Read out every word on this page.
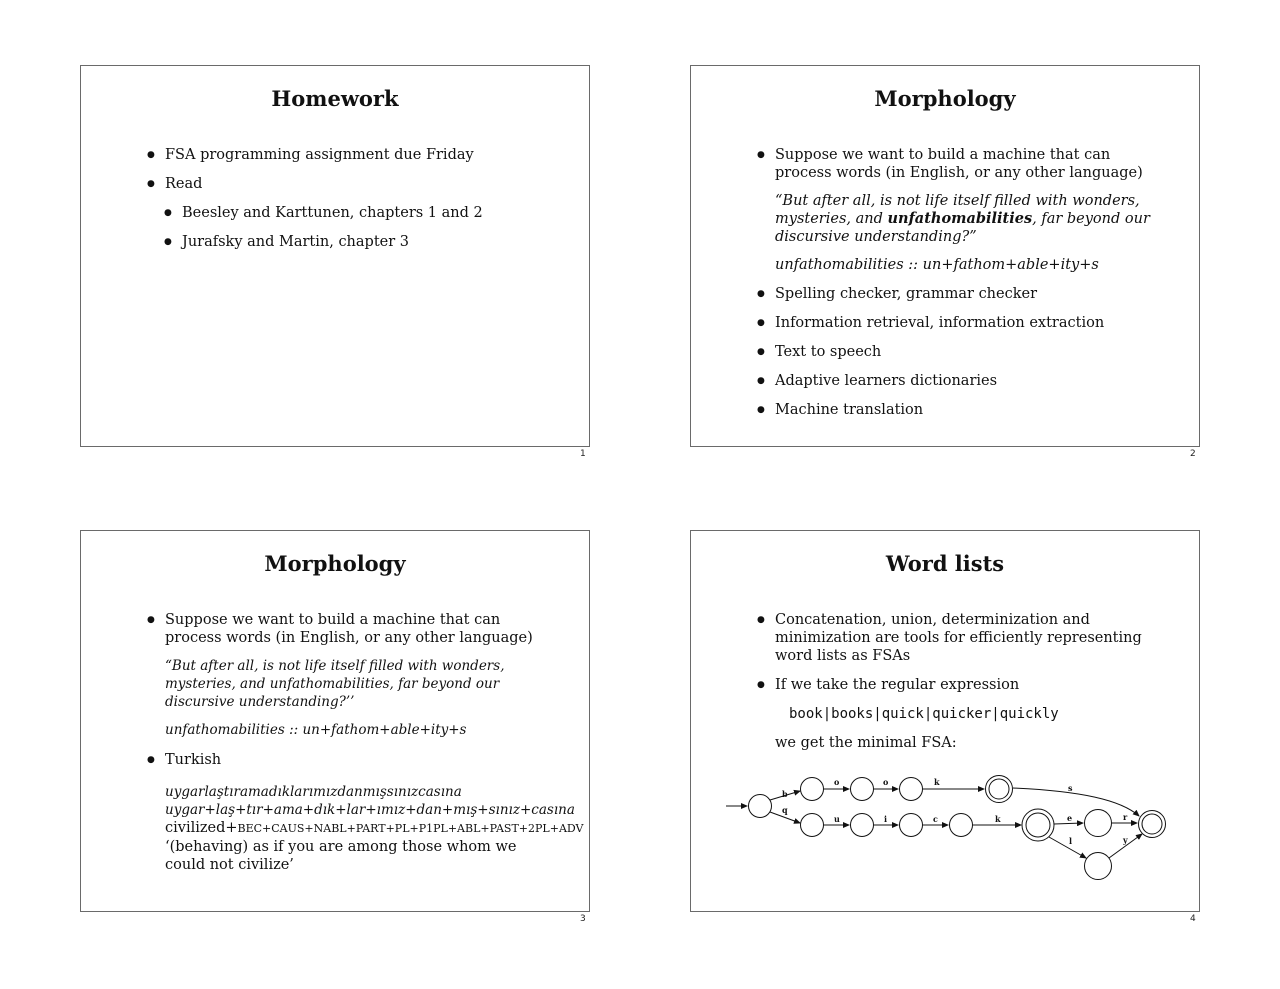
Homework
● FSA programming assignment due Friday
● Read
● Beesley and Karttunen, chapters 1 and 2
● Jurafsky and Martin, chapter 3
1
Morphology
● Suppose we want to build a machine that can process words (in English, or any other language)
“But after all, is not life itself filled with wonders, mysteries, and unfathomabilities, far beyond our discursive understanding?”
unfathomabilities :: un+fathom+able+ity+s
● Spelling checker, grammar checker
● Information retrieval, information extraction
● Text to speech
● Adaptive learners dictionaries
● Machine translation
2
Morphology
● Suppose we want to build a machine that can process words (in English, or any other language)
“But after all, is not life itself filled with wonders, mysteries, and unfathomabilities, far beyond our discursive understanding?’’
unfathomabilities :: un+fathom+able+ity+s
● Turkish
uygarlaştıramadıklarımızdanmışsınızcasına
uygar+laş+tır+ama+dık+lar+ımız+dan+mış+sınız+casına
civilized+BEC+CAUS+NABL+PART+PL+P1PL+ABL+PAST+2PL+ADV
‘(behaving) as if you are among those whom we could not civilize’
3
Word lists
● Concatenation, union, determinization and minimization are tools for efficiently representing word lists as FSAs
● If we take the regular expression
book|books|quick|quicker|quickly
we get the minimal FSA:
b
o	o	k
s
q
u	i	c	k	e	r
l	y
4
